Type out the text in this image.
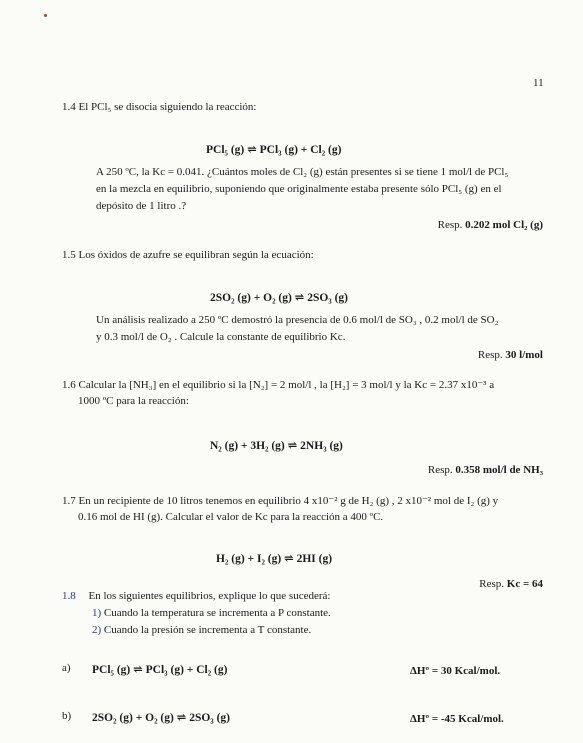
11
1.4 El PCl₅ se disocia siguiendo la reacción:
PCl₅ (g) ⇌ PCl₃ (g) + Cl₂ (g)
A 250 ºC, la Kc = 0.041. ¿Cuántos moles de Cl₂ (g) están presentes si se tiene 1 mol/l de PCl₅
en la mezcla en equilibrio, suponiendo que originalmente estaba presente sólo PCl₅ (g) en el
depósito de 1 litro .?
Resp. 0.202 mol Cl₂ (g)
1.5 Los óxidos de azufre se equilibran según la ecuación:
2SO₂ (g) + O₂ (g) ⇌ 2SO₃ (g)
Un análisis realizado a 250 ºC demostró la presencia de 0.6 mol/l de SO₃ , 0.2 mol/l de SO₂
y 0.3 mol/l de O₂ . Calcule la constante de equilibrio Kc.
Resp. 30 l/mol
1.6 Calcular la [NH₃] en el equilibrio si la [N₂] = 2 mol/l , la [H₂] = 3 mol/l y la Kc = 2.37 x10⁻³ a
1000 ºC para la reacción:
N₂ (g) + 3H₂ (g) ⇌ 2NH₃ (g)
Resp. 0.358 mol/l de NH₃
1.7 En un recipiente de 10 litros tenemos en equilibrio 4 x10⁻² g de H₂ (g) , 2 x10⁻² mol de I₂ (g) y
0.16 mol de HI (g). Calcular el valor de Kc para la reacción a 400 ºC.
H₂ (g) + I₂ (g) ⇌ 2HI (g)
Resp. Kc = 64
1.8 En los siguientes equilibrios, explique lo que sucederá:
1) Cuando la temperatura se incrementa a P constante.
2) Cuando la presión se incrementa a T constante.
a) PCl₅ (g) ⇌ PCl₃ (g) + Cl₂ (g)	ΔHº = 30 Kcal/mol.
b) 2SO₂ (g) + O₂ (g) ⇌ 2SO₃ (g)	ΔHº = -45 Kcal/mol.
